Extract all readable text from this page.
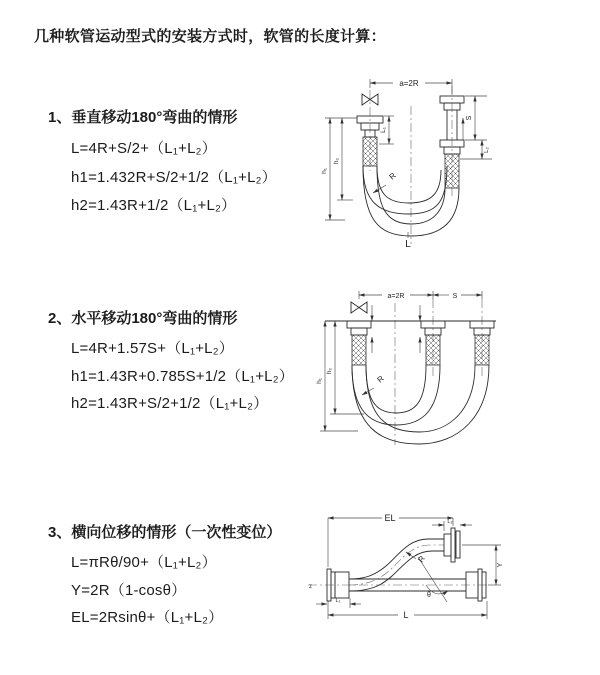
几种软管运动型式的安装方式时，软管的长度计算：
1、垂直移动180°弯曲的情形
L=4R+S/2+（L₁+L₂）
h1=1.432R+S/2+1/2（L₁+L₂）
h2=1.43R+1/2（L₁+L₂）
2、水平移动180°弯曲的情形
L=4R+1.57S+（L₁+L₂）
h1=1.43R+0.785S+1/2（L₁+L₂）
h2=1.43R+S/2+1/2（L₁+L₂）
3、横向位移的情形（一次性变位）
L=πRθ/90+（L₁+L₂）
Y=2R（1-cosθ）
EL=2Rsinθ+（L₁+L₂）
a=2R
L₁
S
L₂
h₂
h₁	R
L
a=2R	S
h₂
h₁	R
z
EL	L₂
Y
R
θ
L₁
L
